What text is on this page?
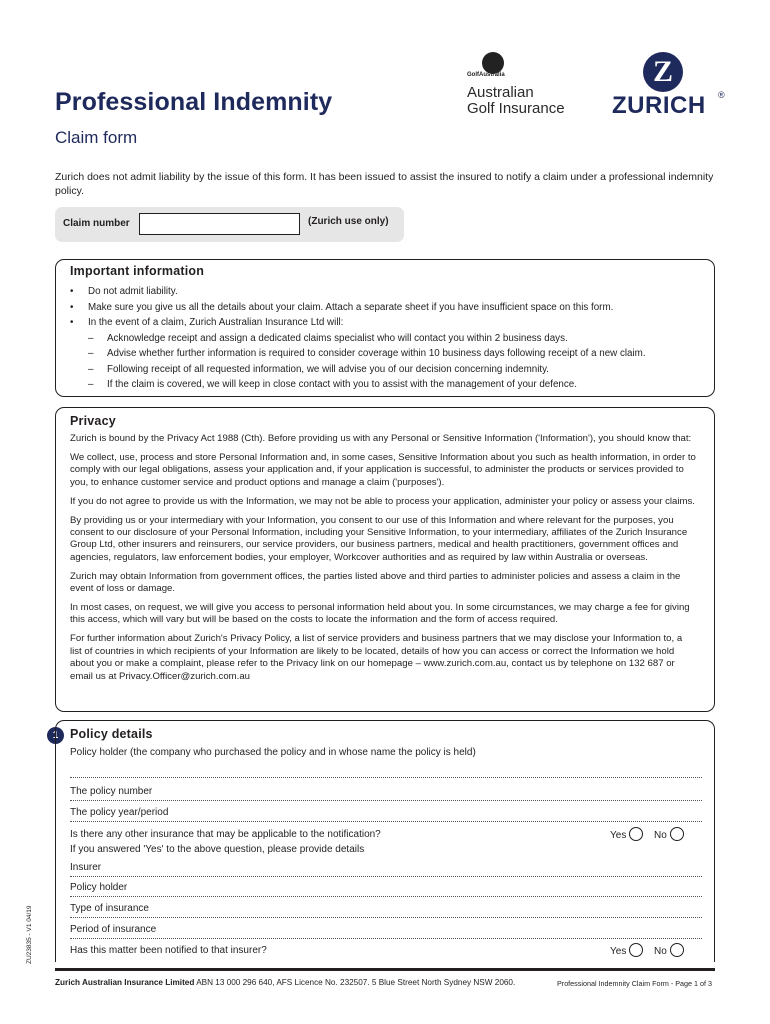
Professional Indemnity
Claim form
GolfAustralia
Australian
Golf Insurance
Z
ZURICH ®
Zurich does not admit liability by the issue of this form. It has been issued to assist the insured to notify a claim under a professional indemnity policy.
Claim number	(Zurich use only)
Important information
• Do not admit liability.
• Make sure you give us all the details about your claim. Attach a separate sheet if you have insufficient space on this form.
• In the event of a claim, Zurich Australian Insurance Ltd will:
– Acknowledge receipt and assign a dedicated claims specialist who will contact you within 2 business days.
– Advise whether further information is required to consider coverage within 10 business days following receipt of a new claim.
– Following receipt of all requested information, we will advise you of our decision concerning indemnity.
– If the claim is covered, we will keep in close contact with you to assist with the management of your defence.
Privacy

Zurich is bound by the Privacy Act 1988 (Cth). Before providing us with any Personal or Sensitive Information ('Information'), you should know that:

We collect, use, process and store Personal Information and, in some cases, Sensitive Information about you such as health information, in order to comply with our legal obligations, assess your application and, if your application is successful, to administer the products or services provided to you, to enhance customer service and product options and manage a claim ('purposes').

If you do not agree to provide us with the Information, we may not be able to process your application, administer your policy or assess your claims.

By providing us or your intermediary with your Information, you consent to our use of this Information and where relevant for the purposes, you consent to our disclosure of your Personal Information, including your Sensitive Information, to your intermediary, affiliates of the Zurich Insurance Group Ltd, other insurers and reinsurers, our service providers, our business partners, medical and health practitioners, government offices and agencies, regulators, law enforcement bodies, your employer, Workcover authorities and as required by law within Australia or overseas.

Zurich may obtain Information from government offices, the parties listed above and third parties to administer policies and assess a claim in the event of loss or damage.

In most cases, on request, we will give you access to personal information held about you. In some circumstances, we may charge a fee for giving this access, which will vary but will be based on the costs to locate the information and the form of access required.

For further information about Zurich's Privacy Policy, a list of service providers and business partners that we may disclose your Information to, a list of countries in which recipients of your Information are likely to be located, details of how you can access or correct the Information we hold about you or make a complaint, please refer to the Privacy link on our homepage – www.zurich.com.au, contact us by telephone on 132 687 or email us at Privacy.Officer@zurich.com.au

1 Policy details
Policy holder (the company who purchased the policy and in whose name the policy is held)
The policy number
The policy year/period
Is there any other insurance that may be applicable to the notification?	Yes	No
If you answered 'Yes' to the above question, please provide details
Insurer
Policy holder
Type of insurance
Period of insurance
Has this matter been notified to that insurer?	Yes	No
Zurich Australian Insurance Limited ABN 13 000 296 640, AFS Licence No. 232507. 5 Blue Street North Sydney NSW 2060.	Professional Indemnity Claim Form - Page 1 of 3
ZU23835 - V1 04/19
